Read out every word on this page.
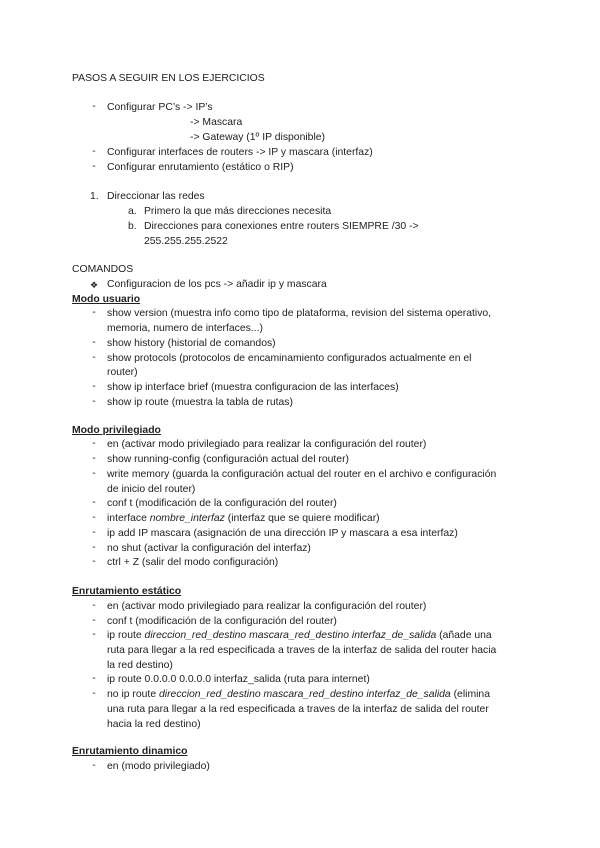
PASOS A SEGUIR EN LOS EJERCICIOS
- Configurar PC’s -> IP’s
-> Mascara
-> Gateway (1º IP disponible)
- Configurar interfaces de routers -> IP y mascara (interfaz)
- Configurar enrutamiento (estático o RIP)
1. Direccionar las redes
a. Primero la que más direcciones necesita
b. Direcciones para conexiones entre routers SIEMPRE /30 ->
255.255.255.2522
COMANDOS
❖ Configuracion de los pcs -> añadir ip y mascara
Modo usuario
- show version (muestra info como tipo de plataforma, revision del sistema operativo,
memoria, numero de interfaces...)
- show history (historial de comandos)
- show protocols (protocolos de encaminamiento configurados actualmente en el
router)
- show ip interface brief (muestra configuracion de las interfaces)
- show ip route (muestra la tabla de rutas)
Modo privilegiado
- en (activar modo privilegiado para realizar la configuración del router)
- show running-config (configuración actual del router)
- write memory (guarda la configuración actual del router en el archivo e configuración
de inicio del router)
- conf t (modificación de la configuración del router)
- interface nombre_interfaz (interfaz que se quiere modificar)
- ip add IP mascara (asignación de una dirección IP y mascara a esa interfaz)
- no shut (activar la configuración del interfaz)
- ctrl + Z (salir del modo configuración)
Enrutamiento estático
- en (activar modo privilegiado para realizar la configuración del router)
- conf t (modificación de la configuración del router)
- ip route direccion_red_destino mascara_red_destino interfaz_de_salida (añade una
ruta para llegar a la red especificada a traves de la interfaz de salida del router hacia
la red destino)
- ip route 0.0.0.0 0.0.0.0 interfaz_salida (ruta para internet)
- no ip route direccion_red_destino mascara_red_destino interfaz_de_salida (elimina
una ruta para llegar a la red especificada a traves de la interfaz de salida del router
hacia la red destino)
Enrutamiento dinamico
- en (modo privilegiado)
